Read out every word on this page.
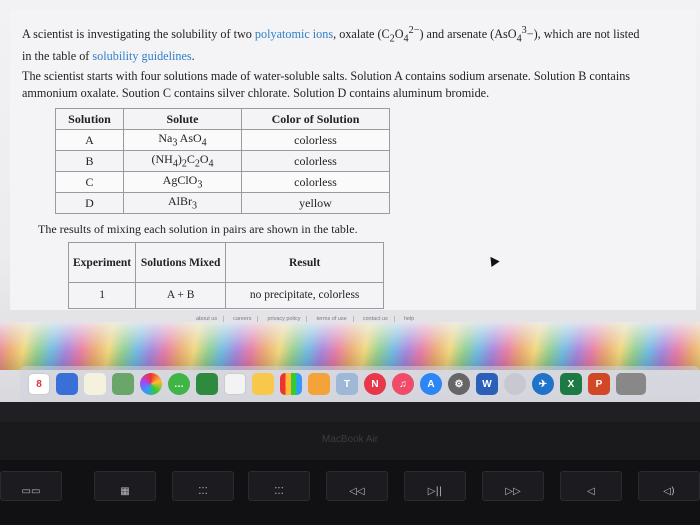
A scientist is investigating the solubility of two polyatomic ions, oxalate $(C_2O_4^{2-})$ and arsenate (AsO$_4^3$−), which are not listed
in the table of solubility guidelines.

The scientist starts with four solutions made of water-soluble salts. Solution A contains sodium arsenate. Solution B contains ammonium oxalate. Soution C contains silver chlorate. Solution D contains aluminum bromide.

Solution	Solute	Color of Solution
A	$Na_3$ AsO$_4$	colorless
B	$(NH_4)_2C_2O_4$	colorless
C	AgClO$_3$	colorless
D	AlBr$_3$	yellow

The results of mixing each solution in pairs are shown in the table.

Experiment	Solutions Mixed	Result
1	A + B	no precipitate, colorless
about us	careers	privacy policy	terms of use	contact us	help
8	…	T	N	♫	A	⚙	W	✈	X P
MacBook Air
▭▭	▦	⁚⁚⁚	⁚⁚⁚	◁◁	▷||	▷▷	◁	◁)
